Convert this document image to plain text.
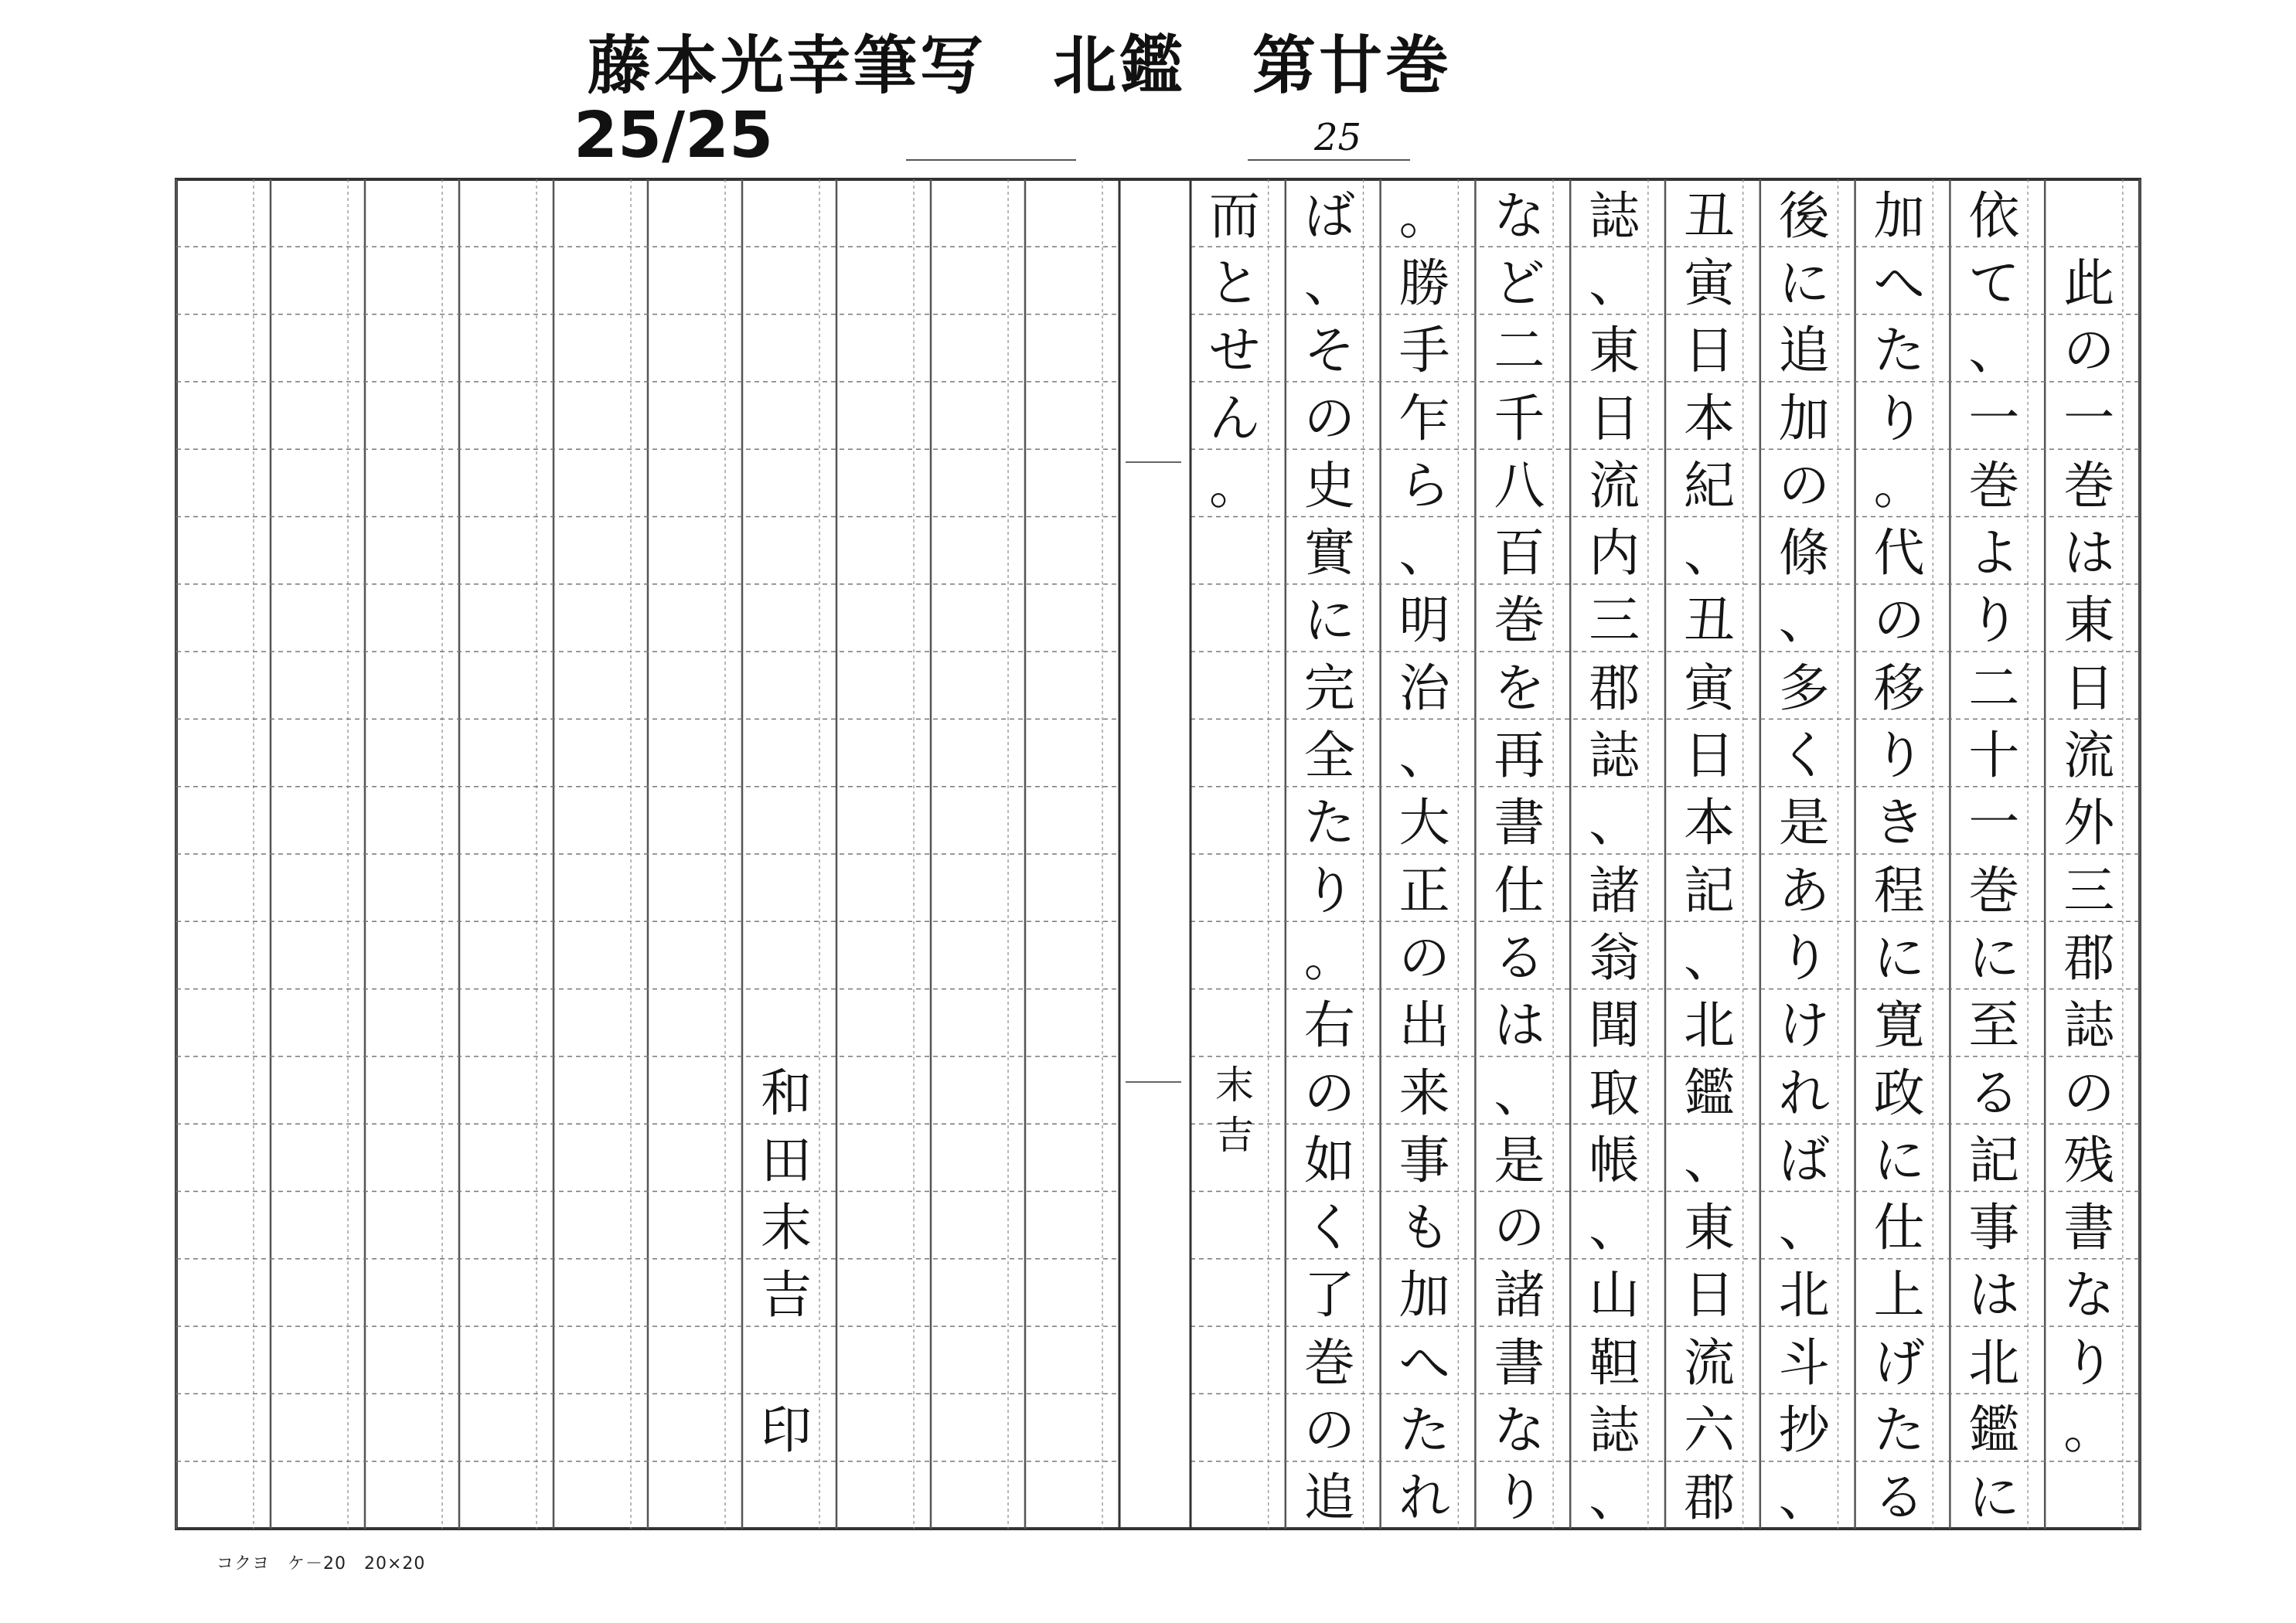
藤本光幸筆写　北鑑　第廿巻
25/25	25
此
の
一
巻
は
東
日
流
外
三
郡
誌
の
残
書
な
り
。
依
て
、
一
巻
よ
り
二
十
一
巻
に
至
る
記
事
は
北
鑑
に
加
へ
た
り
。
代
の
移
り
き
程
に
寛
政
に
仕
上
げ
た
る
後
に
追
加
の
條
、
多
く
是
あ
り
け
れ
ば
、
北
斗
抄
、
丑
寅
日
本
紀
、
丑
寅
日
本
記
、
北
鑑
、
東
日
流
六
郡
誌
、
東
日
流
内
三
郡
誌
、
諸
翁
聞
取
帳
、
山
靼
誌
、
な
ど
二
千
八
百
巻
を
再
書
仕
る
は
、
是
の
諸
書
な
り
。
勝
手
乍
ら
、
明
治
、
大
正
の
出
来
事
も
加
へ
た
れ
ば
、
そ
の
史
實
に
完
全
た
り
。
右
の
如
く
了
巻
の
追
而
と
せ
ん
。
末
吉
和
田
末
吉
印
コクヨ　ケ－20　20×20
